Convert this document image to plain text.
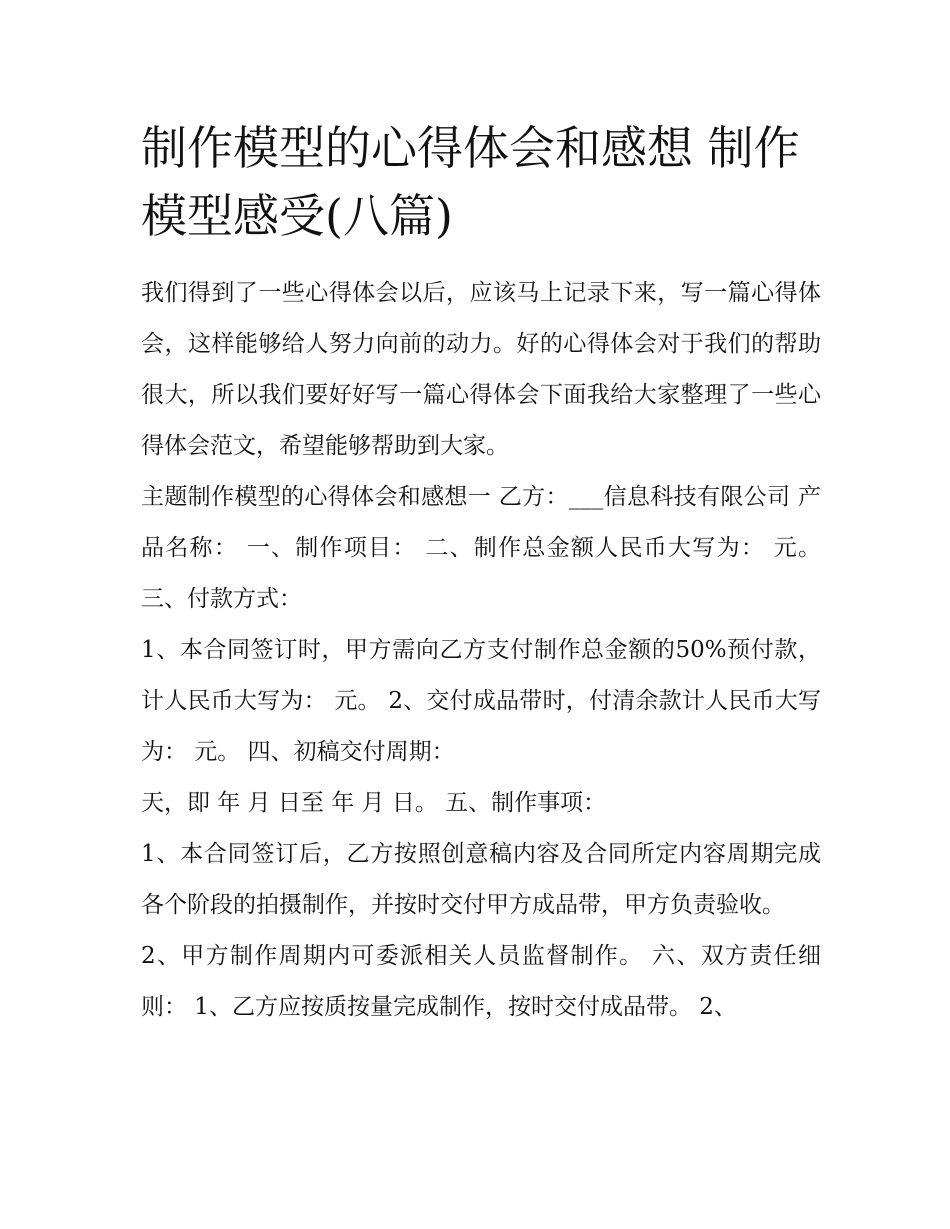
制作模型的心得体会和感想 制作模型感受(八篇)

我们得到了一些心得体会以后，应该马上记录下来，写一篇心得体会，这样能够给人努力向前的动力。好的心得体会对于我们的帮助很大，所以我们要好好写一篇心得体会下面我给大家整理了一些心得体会范文，希望能够帮助到大家。

主题制作模型的心得体会和感想一 乙方：___信息科技有限公司 产品名称： 一、制作项目： 二、制作总金额人民币大写为： 元。 三、付款方式：

1、本合同签订时，甲方需向乙方支付制作总金额的50%预付款，计人民币大写为： 元。 2、交付成品带时，付清余款计人民币大写为： 元。 四、初稿交付周期：

天，即 年 月 日至 年 月 日。 五、制作事项：

1、本合同签订后，乙方按照创意稿内容及合同所定内容周期完成各个阶段的拍摄制作，并按时交付甲方成品带，甲方负责验收。

2、甲方制作周期内可委派相关人员监督制作。 六、双方责任细则： 1、乙方应按质按量完成制作，按时交付成品带。 2、
